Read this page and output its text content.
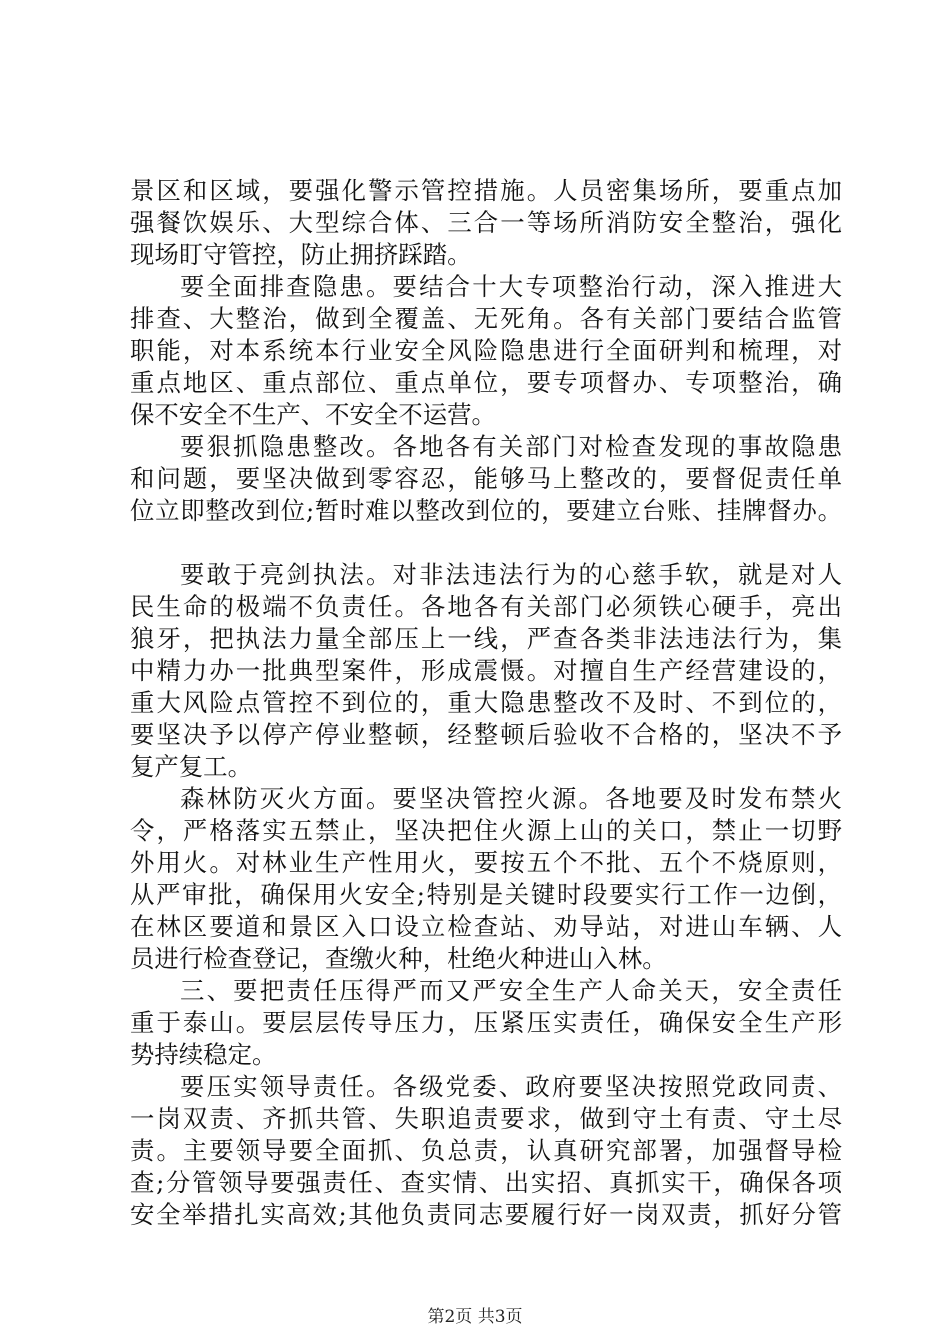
景区和区域，要强化警示管控措施。人员密集场所，要重点加
强餐饮娱乐、大型综合体、三合一等场所消防安全整治，强化
现场盯守管控，防止拥挤踩踏。
要全面排查隐患。要结合十大专项整治行动，深入推进大
排查、大整治，做到全覆盖、无死角。各有关部门要结合监管
职能，对本系统本行业安全风险隐患进行全面研判和梳理，对
重点地区、重点部位、重点单位，要专项督办、专项整治，确
保不安全不生产、不安全不运营。
要狠抓隐患整改。各地各有关部门对检查发现的事故隐患
和问题，要坚决做到零容忍，能够马上整改的，要督促责任单
位立即整改到位;暂时难以整改到位的，要建立台账、挂牌督办。
要敢于亮剑执法。对非法违法行为的心慈手软，就是对人
民生命的极端不负责任。各地各有关部门必须铁心硬手，亮出
狼牙，把执法力量全部压上一线，严查各类非法违法行为，集
中精力办一批典型案件，形成震慑。对擅自生产经营建设的，
重大风险点管控不到位的，重大隐患整改不及时、不到位的，
要坚决予以停产停业整顿，经整顿后验收不合格的，坚决不予
复产复工。
森林防灭火方面。要坚决管控火源。各地要及时发布禁火
令，严格落实五禁止，坚决把住火源上山的关口，禁止一切野
外用火。对林业生产性用火，要按五个不批、五个不烧原则，
从严审批，确保用火安全;特别是关键时段要实行工作一边倒，
在林区要道和景区入口设立检查站、劝导站，对进山车辆、人
员进行检查登记，查缴火种，杜绝火种进山入林。
三、要把责任压得严而又严安全生产人命关天，安全责任
重于泰山。要层层传导压力，压紧压实责任，确保安全生产形
势持续稳定。
要压实领导责任。各级党委、政府要坚决按照党政同责、
一岗双责、齐抓共管、失职追责要求，做到守土有责、守土尽
责。主要领导要全面抓、负总责，认真研究部署，加强督导检
查;分管领导要强责任、查实情、出实招、真抓实干，确保各项
安全举措扎实高效;其他负责同志要履行好一岗双责，抓好分管
第2页 共3页
